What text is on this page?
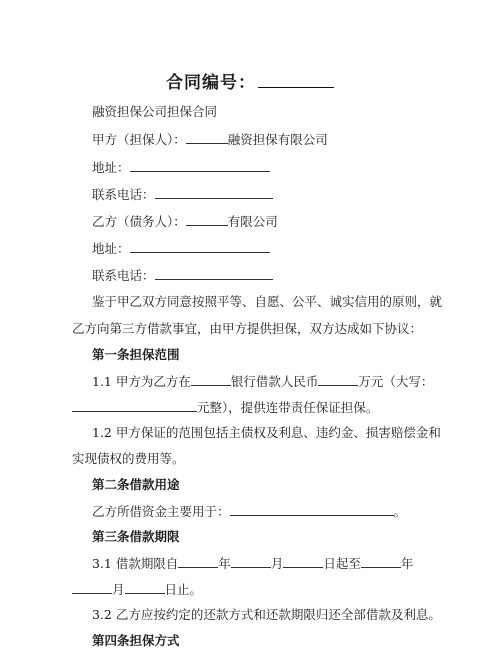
合同编号：
融资担保公司担保合同
甲方（担保人）：	融资担保有限公司
地址：
联系电话：
乙方（债务人）：	有限公司
地址：
联系电话：
鉴于甲乙双方同意按照平等、自愿、公平、诚实信用的原则，就
乙方向第三方借款事宜，由甲方提供担保，双方达成如下协议：
第一条担保范围
1.1 甲方为乙方在	银行借款人民币	万元（大写：
元整），提供连带责任保证担保。
1.2 甲方保证的范围包括主债权及利息、违约金、损害赔偿金和
实现债权的费用等。
第二条借款用途
乙方所借资金主要用于：	。
第三条借款期限
3.1 借款期限自	年	月	日起至	年
月	日止。
3.2 乙方应按约定的还款方式和还款期限归还全部借款及利息。
第四条担保方式
